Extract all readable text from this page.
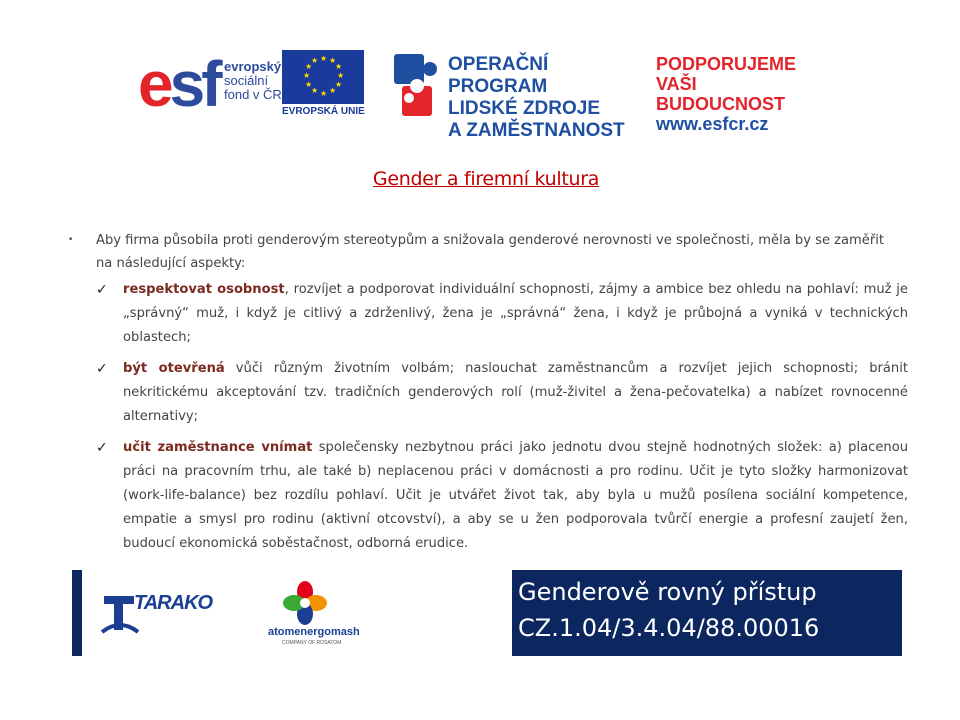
esf evropský
sociální
fond v ČR
★ ★
★
★
★
★
★
★
★
★
★
★
EVROPSKÁ UNIE
OPERAČNÍ PROGRAM
LIDSKÉ ZDROJE
A ZAMĚSTNANOST
PODPORUJEME
VAŠI BUDOUCNOST
www.esfcr.cz
Gender a firemní kultura
•	Aby firma působila proti genderovým stereotypům a snižovala genderové nerovnosti ve společnosti, měla by se zaměřit na následující aspekty:
✓ respektovat osobnost, rozvíjet a podporovat individuální schopnosti, zájmy a ambice bez ohledu na pohlaví: muž je „správný“ muž, i když je citlivý a zdrženlivý, žena je „správná“ žena, i když je průbojná a vyniká v technických oblastech;
✓ být otevřená vůči různým životním volbám; naslouchat zaměstnancům a rozvíjet jejich schopnosti; bránit nekritickému akceptování tzv. tradičních genderových rolí (muž-živitel a žena-pečovatelka) a nabízet rovnocenné alternativy;
✓ učit zaměstnance vnímat společensky nezbytnou práci jako jednotu dvou stejně hodnotných složek: a) placenou práci na pracovním trhu, ale také b) neplacenou práci v domácnosti a pro rodinu. Učit je tyto složky harmonizovat (work-life-balance) bez rozdílu pohlaví. Učit je utvářet život tak, aby byla u mužů posílena sociální kompetence, empatie a smysl pro rodinu (aktivní otcovství), a aby se u žen podporovala tvůrčí energie a profesní zaujetí žen, budoucí ekonomická soběstačnost, odborná erudice.
TARAKO
atomenergomash
COMPANY OF ROSATOM
Genderově rovný přístup
CZ.1.04/3.4.04/88.00016
